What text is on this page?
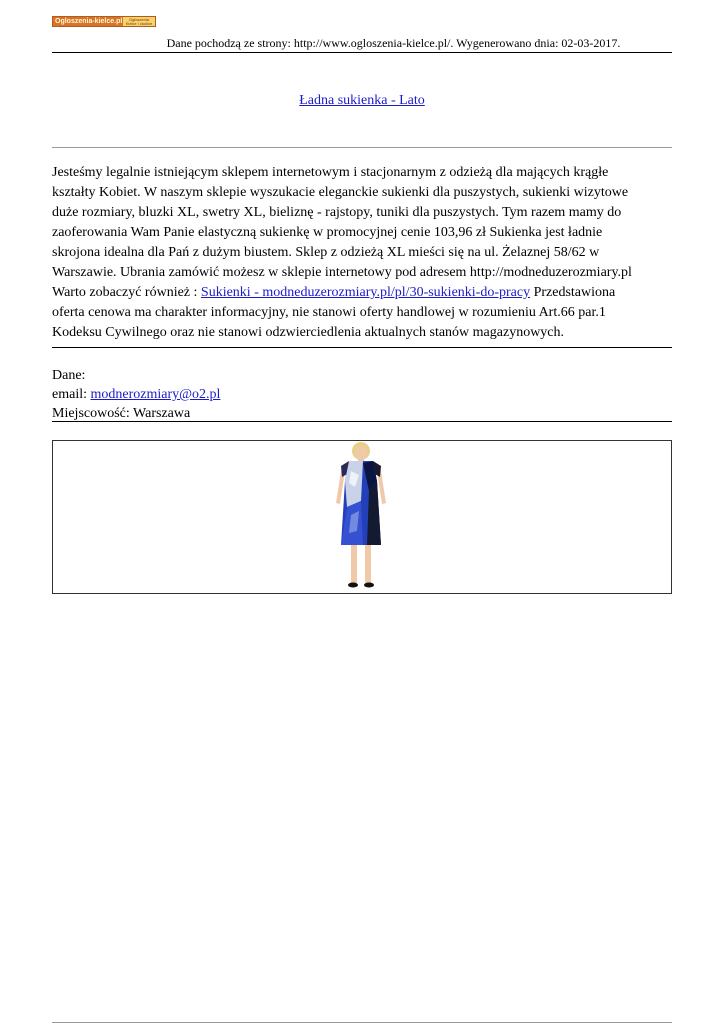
Ogloszenia-kielce.pl Ogłoszenia
Kielce i okolice
Dane pochodzą ze strony: http://www.ogloszenia-kielce.pl/. Wygenerowano dnia: 02-03-2017.
Ładna sukienka - Lato
Jesteśmy legalnie istniejącym sklepem internetowym i stacjonarnym z odzieżą dla mających krągłe
kształty Kobiet. W naszym sklepie wyszukacie eleganckie sukienki dla puszystych, sukienki wizytowe
duże rozmiary, bluzki XL, swetry XL, bieliznę - rajstopy, tuniki dla puszystych. Tym razem mamy do
zaoferowania Wam Panie elastyczną sukienkę w promocyjnej cenie 103,96 zł Sukienka jest ładnie
skrojona idealna dla Pań z dużym biustem. Sklep z odzieżą XL mieści się na ul. Żelaznej 58/62 w
Warszawie. Ubrania zamówić możesz w sklepie internetowy pod adresem http://modneduzerozmiary.pl
Warto zobaczyć również : Sukienki - modneduzerozmiary.pl/pl/30-sukienki-do-pracy Przedstawiona
oferta cenowa ma charakter informacyjny, nie stanowi oferty handlowej w rozumieniu Art.66 par.1
Kodeksu Cywilnego oraz nie stanowi odzwierciedlenia aktualnych stanów magazynowych.
Dane:
email: modnerozmiary@o2.pl
Miejscowość: Warszawa
